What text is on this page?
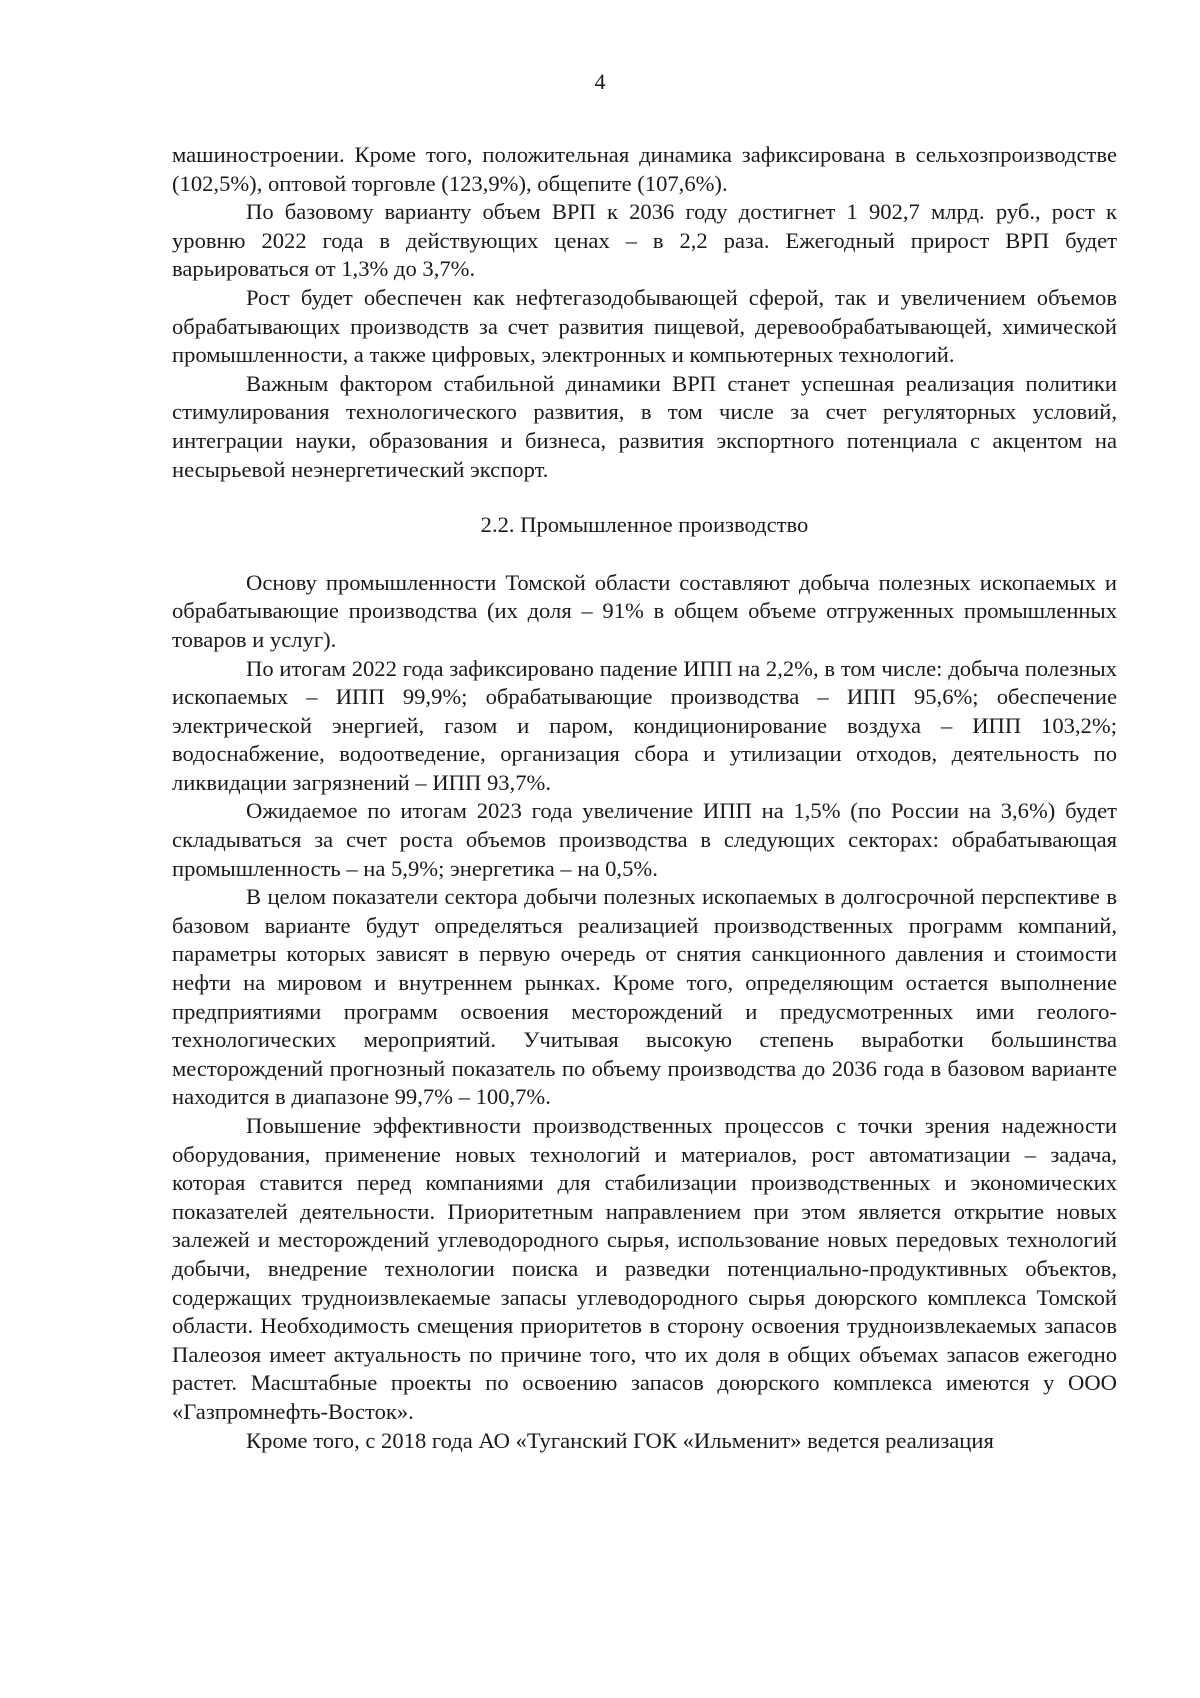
4

машиностроении. Кроме того, положительная динамика зафиксирована в сельхозпроизводстве (102,5%), оптовой торговле (123,9%), общепите (107,6%).

По базовому варианту объем ВРП к 2036 году достигнет 1 902,7 млрд. руб., рост к уровню 2022 года в действующих ценах – в 2,2 раза. Ежегодный прирост ВРП будет варьироваться от 1,3% до 3,7%.

Рост будет обеспечен как нефтегазодобывающей сферой, так и увеличением объемов обрабатывающих производств за счет развития пищевой, деревообрабатывающей, химической промышленности, а также цифровых, электронных и компьютерных технологий.

Важным фактором стабильной динамики ВРП станет успешная реализация политики стимулирования технологического развития, в том числе за счет регуляторных условий, интеграции науки, образования и бизнеса, развития экспортного потенциала с акцентом на несырьевой неэнергетический экспорт.

2.2. Промышленное производство

Основу промышленности Томской области составляют добыча полезных ископаемых и обрабатывающие производства (их доля – 91% в общем объеме отгруженных промышленных товаров и услуг).

По итогам 2022 года зафиксировано падение ИПП на 2,2%, в том числе: добыча полезных ископаемых – ИПП 99,9%; обрабатывающие производства – ИПП 95,6%; обеспечение электрической энергией, газом и паром, кондиционирование воздуха – ИПП 103,2%; водоснабжение, водоотведение, организация сбора и утилизации отходов, деятельность по ликвидации загрязнений – ИПП 93,7%.

Ожидаемое по итогам 2023 года увеличение ИПП на 1,5% (по России на 3,6%) будет складываться за счет роста объемов производства в следующих секторах: обрабатывающая промышленность – на 5,9%; энергетика – на 0,5%.

В целом показатели сектора добычи полезных ископаемых в долгосрочной перспективе в базовом варианте будут определяться реализацией производственных программ компаний, параметры которых зависят в первую очередь от снятия санкционного давления и стоимости нефти на мировом и внутреннем рынках. Кроме того, определяющим остается выполнение предприятиями программ освоения месторождений и предусмотренных ими геолого-технологических мероприятий. Учитывая высокую степень выработки большинства месторождений прогнозный показатель по объему производства до 2036 года в базовом варианте находится в диапазоне 99,7% – 100,7%.

Повышение эффективности производственных процессов с точки зрения надежности оборудования, применение новых технологий и материалов, рост автоматизации – задача, которая ставится перед компаниями для стабилизации производственных и экономических показателей деятельности. Приоритетным направлением при этом является открытие новых залежей и месторождений углеводородного сырья, использование новых передовых технологий добычи, внедрение технологии поиска и разведки потенциально-продуктивных объектов, содержащих трудноизвлекаемые запасы углеводородного сырья доюрского комплекса Томской области. Необходимость смещения приоритетов в сторону освоения трудноизвлекаемых запасов Палеозоя имеет актуальность по причине того, что их доля в общих объемах запасов ежегодно растет. Масштабные проекты по освоению запасов доюрского комплекса имеются у ООО «Газпромнефть-Восток».

Кроме того, с 2018 года АО «Туганский ГОК «Ильменит» ведется реализация
